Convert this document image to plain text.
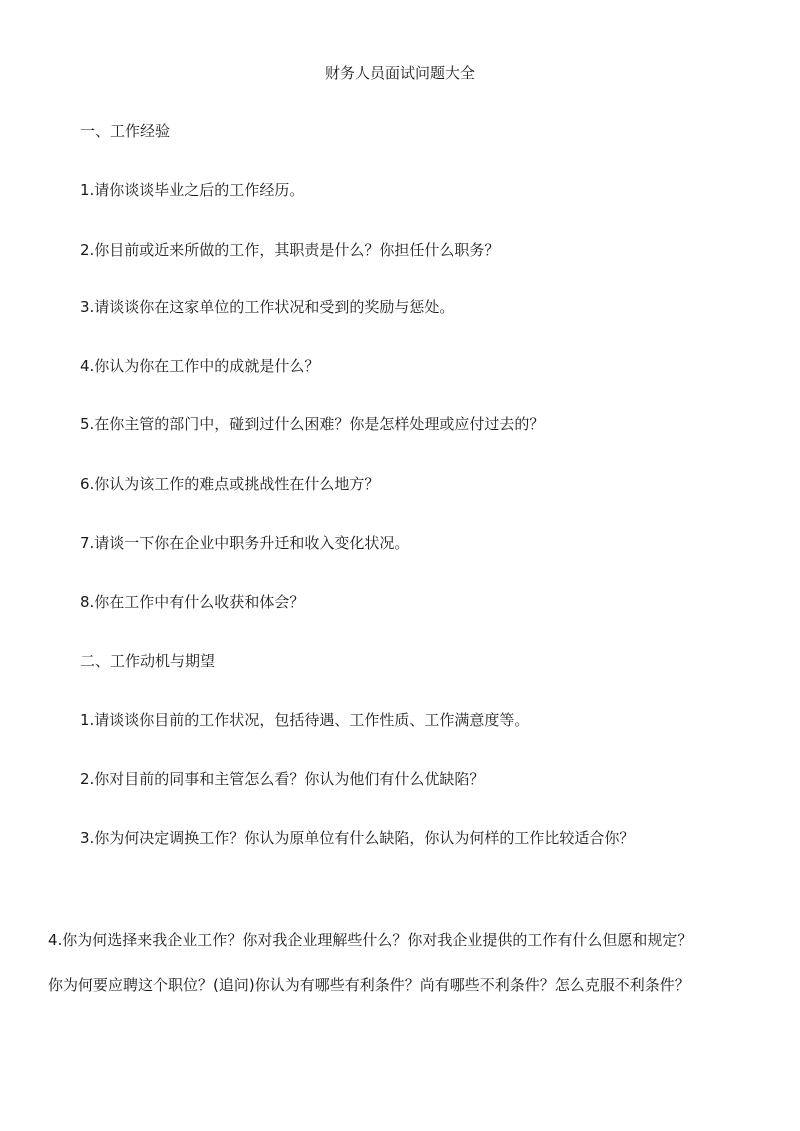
财务人员面试问题大全
一、工作经验
1.请你谈谈毕业之后的工作经历。
2.你目前或近来所做的工作，其职责是什么？你担任什么职务？
3.请谈谈你在这家单位的工作状况和受到的奖励与惩处。
4.你认为你在工作中的成就是什么？
5.在你主管的部门中，碰到过什么困难？你是怎样处理或应付过去的？
6.你认为该工作的难点或挑战性在什么地方？
7.请谈一下你在企业中职务升迁和收入变化状况。
8.你在工作中有什么收获和体会？
二、工作动机与期望
1.请谈谈你目前的工作状况，包括待遇、工作性质、工作满意度等。
2.你对目前的同事和主管怎么看？你认为他们有什么优缺陷？
3.你为何决定调换工作？你认为原单位有什么缺陷，你认为何样的工作比较适合你？
4.你为何选择来我企业工作？你对我企业理解些什么？你对我企业提供的工作有什么但愿和规定？
你为何要应聘这个职位？(追问)你认为有哪些有利条件？尚有哪些不利条件？怎么克服不利条件？
